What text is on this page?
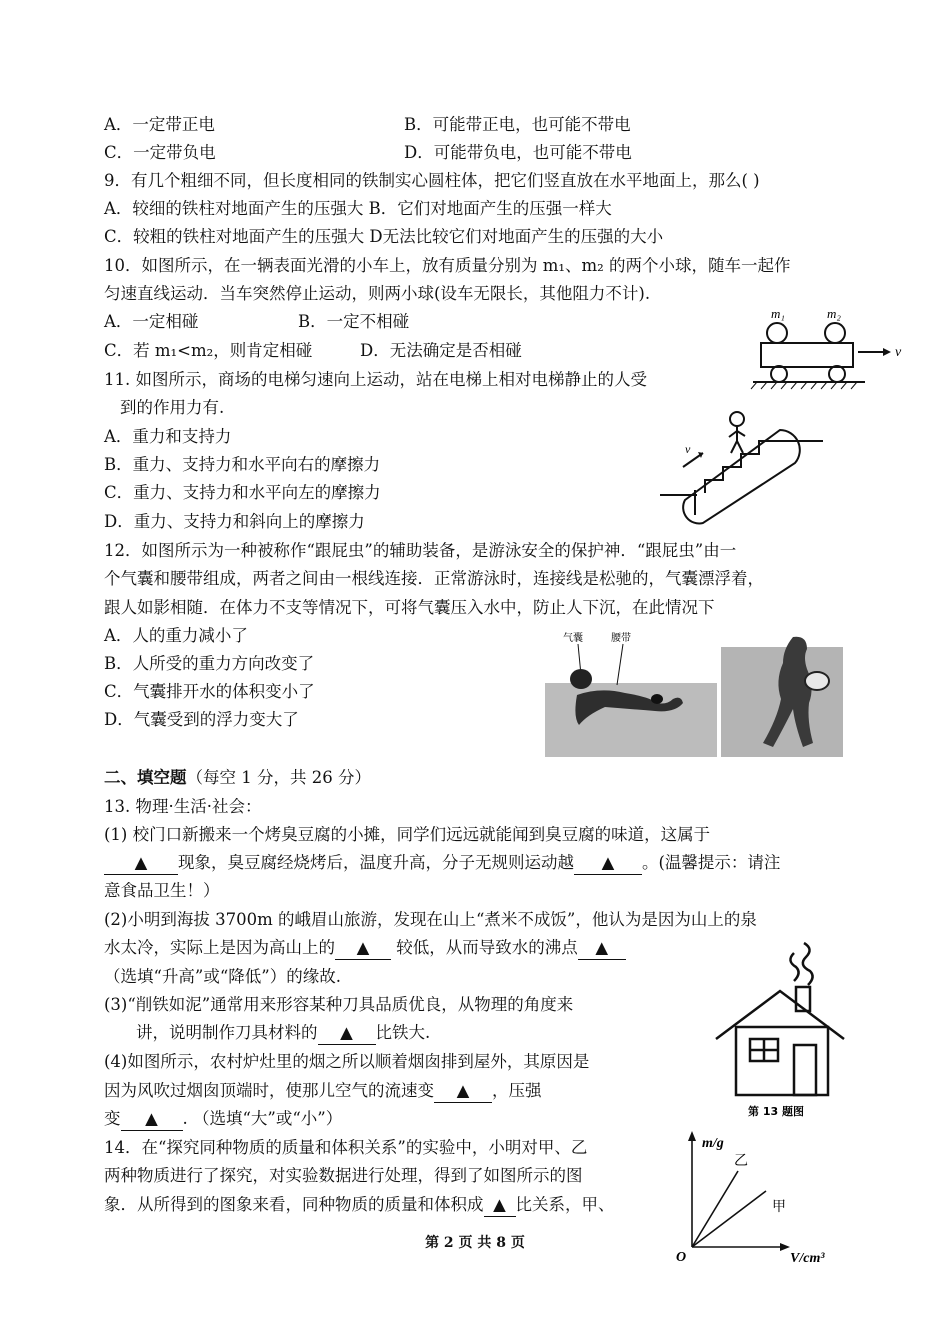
A．一定带正电	B．可能带正电，也可能不带电
C．一定带负电	D．可能带负电，也可能不带电
9．有几个粗细不同，但长度相同的铁制实心圆柱体，把它们竖直放在水平地面上，那么( )
A．较细的铁柱对地面产生的压强大 B．它们对地面产生的压强一样大
C．较粗的铁柱对地面产生的压强大 D无法比较它们对地面产生的压强的大小
10．如图所示，在一辆表面光滑的小车上，放有质量分别为 m₁、m₂ 的两个小球，随车一起作
匀速直线运动．当车突然停止运动，则两小球(设车无限长，其他阻力不计).
A．一定相碰	B．一定不相碰
C．若 m₁<m₂，则肯定相碰	D．无法确定是否相碰
m₁	m₂
v
11. 如图所示，商场的电梯匀速向上运动，站在电梯上相对电梯静止的人受
到的作用力有.
A．重力和支持力
B．重力、支持力和水平向右的摩擦力
C．重力、支持力和水平向左的摩擦力
D．重力、支持力和斜向上的摩擦力
v
12．如图所示为一种被称作“跟屁虫”的辅助装备，是游泳安全的保护神．“跟屁虫”由一
个气囊和腰带组成，两者之间由一根线连接．正常游泳时，连接线是松驰的，气囊漂浮着，
跟人如影相随．在体力不支等情况下，可将气囊压入水中，防止人下沉，在此情况下
A．人的重力减小了
B．人所受的重力方向改变了
C．气囊排开水的体积变小了
D．气囊受到的浮力变大了
气囊	腰带
二、填空题（每空 1 分，共 26 分）
13. 物理·生活·社会：
(1) 校门口新搬来一个烤臭豆腐的小摊，同学们远远就能闻到臭豆腐的味道，这属于
▲ 现象，臭豆腐经烧烤后，温度升高，分子无规则运动越 ▲ 。(温馨提示：请注
意食品卫生！）
(2)小明到海拔 3700m 的峨眉山旅游，发现在山上“煮米不成饭”，他认为是因为山上的泉
水太冷，实际上是因为高山上的 ▲ 较低，从而导致水的沸点 ▲
（选填“升高”或“降低”）的缘故.
(3)“削铁如泥”通常用来形容某种刀具品质优良，从物理的角度来
讲，说明制作刀具材料的 ▲ 比铁大.
(4)如图所示，农村炉灶里的烟之所以顺着烟囱排到屋外，其原因是
因为风吹过烟囱顶端时，使那儿空气的流速变 ▲ ，压强
变 ▲ . （选填“大”或“小”）	第 13 题图
14．在“探究同种物质的质量和体积关系”的实验中，小明对甲、乙
两种物质进行了探究，对实验数据进行处理，得到了如图所示的图
象．从所得到的图象来看，同种物质的质量和体积成 ▲ 比关系，甲、
m/g
V/cm³
O
乙
甲
第 2 页 共 8 页
